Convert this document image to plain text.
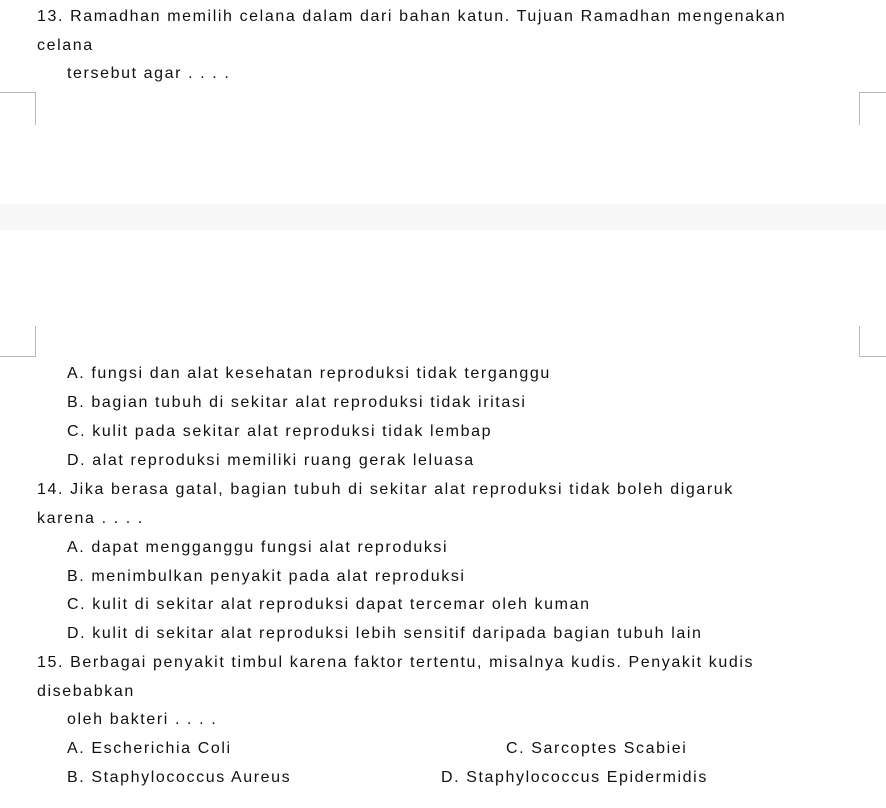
13. Ramadhan memilih celana dalam dari bahan katun. Tujuan Ramadhan mengenakan
celana
tersebut agar . . . .
A. fungsi dan alat kesehatan reproduksi tidak terganggu
B. bagian tubuh di sekitar alat reproduksi tidak iritasi
C. kulit pada sekitar alat reproduksi tidak lembap
D. alat reproduksi memiliki ruang gerak leluasa
14. Jika berasa gatal, bagian tubuh di sekitar alat reproduksi tidak boleh digaruk
karena . . . .
A. dapat mengganggu fungsi alat reproduksi
B. menimbulkan penyakit pada alat reproduksi
C. kulit di sekitar alat reproduksi dapat tercemar oleh kuman
D. kulit di sekitar alat reproduksi lebih sensitif daripada bagian tubuh lain
15. Berbagai penyakit timbul karena faktor tertentu, misalnya kudis. Penyakit kudis
disebabkan
oleh bakteri . . . .
A. Escherichia Coli	C. Sarcoptes Scabiei
B. Staphylococcus Aureus	D. Staphylococcus Epidermidis
